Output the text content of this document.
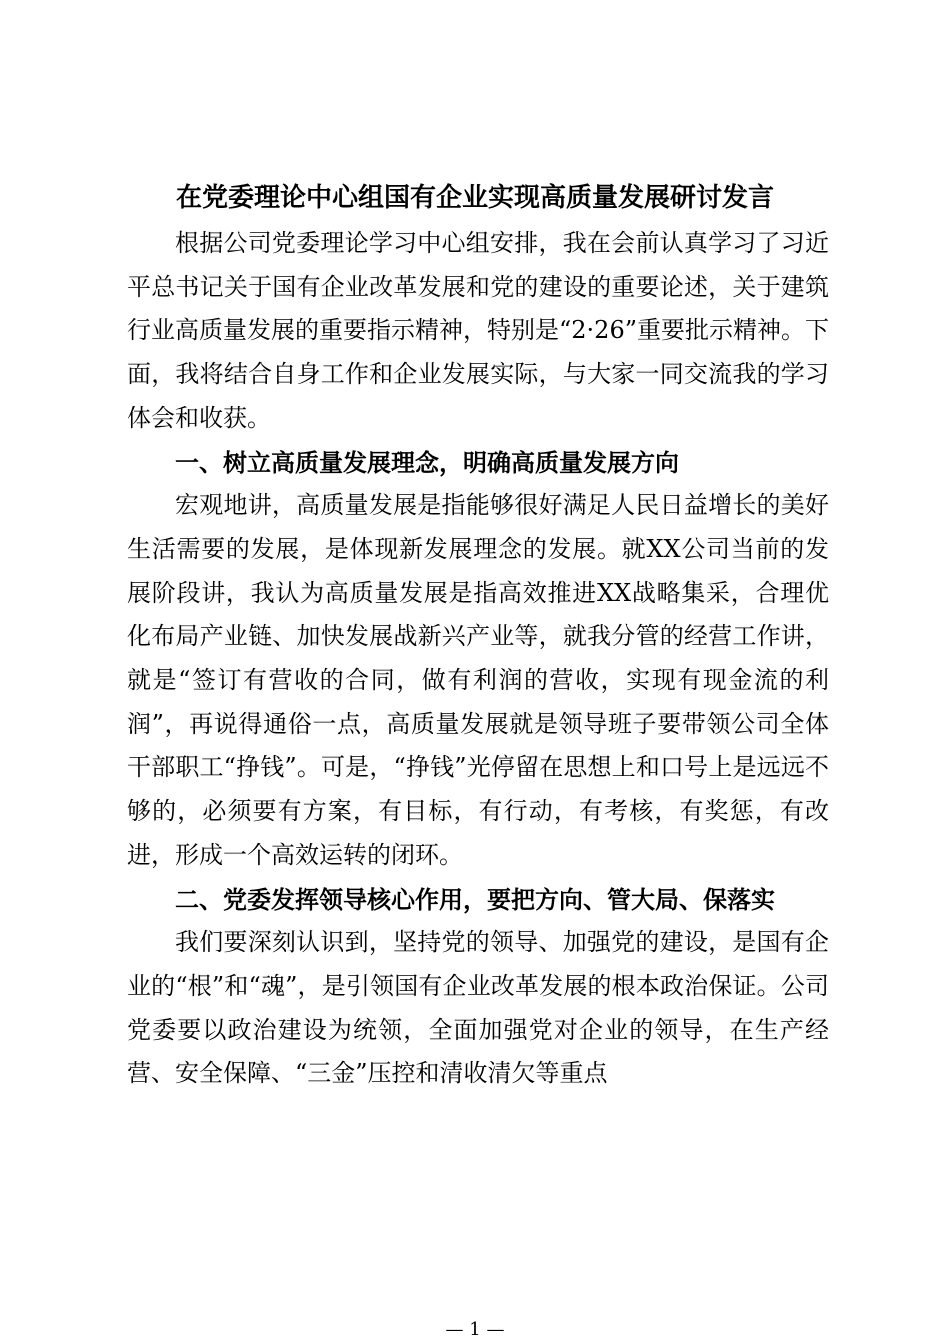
在党委理论中心组国有企业实现高质量发展研讨发言

根据公司党委理论学习中心组安排，我在会前认真学习了习近平总书记关于国有企业改革发展和党的建设的重要论述，关于建筑行业高质量发展的重要指示精神，特别是“2·26”重要批示精神。下面，我将结合自身工作和企业发展实际，与大家一同交流我的学习体会和收获。

一、树立高质量发展理念，明确高质量发展方向

宏观地讲，高质量发展是指能够很好满足人民日益增长的美好生活需要的发展，是体现新发展理念的发展。就XX公司当前的发展阶段讲，我认为高质量发展是指高效推进XX战略集采，合理优化布局产业链、加快发展战新兴产业等，就我分管的经营工作讲，就是“签订有营收的合同，做有利润的营收，实现有现金流的利润”，再说得通俗一点，高质量发展就是领导班子要带领公司全体干部职工“挣钱”。可是，“挣钱”光停留在思想上和口号上是远远不够的，必须要有方案，有目标，有行动，有考核，有奖惩，有改进，形成一个高效运转的闭环。

二、党委发挥领导核心作用，要把方向、管大局、保落实

我们要深刻认识到，坚持党的领导、加强党的建设，是国有企业的“根”和“魂”，是引领国有企业改革发展的根本政治保证。公司党委要以政治建设为统领，全面加强党对企业的领导，在生产经营、安全保障、“三金”压控和清收清欠等重点

— 1 —
